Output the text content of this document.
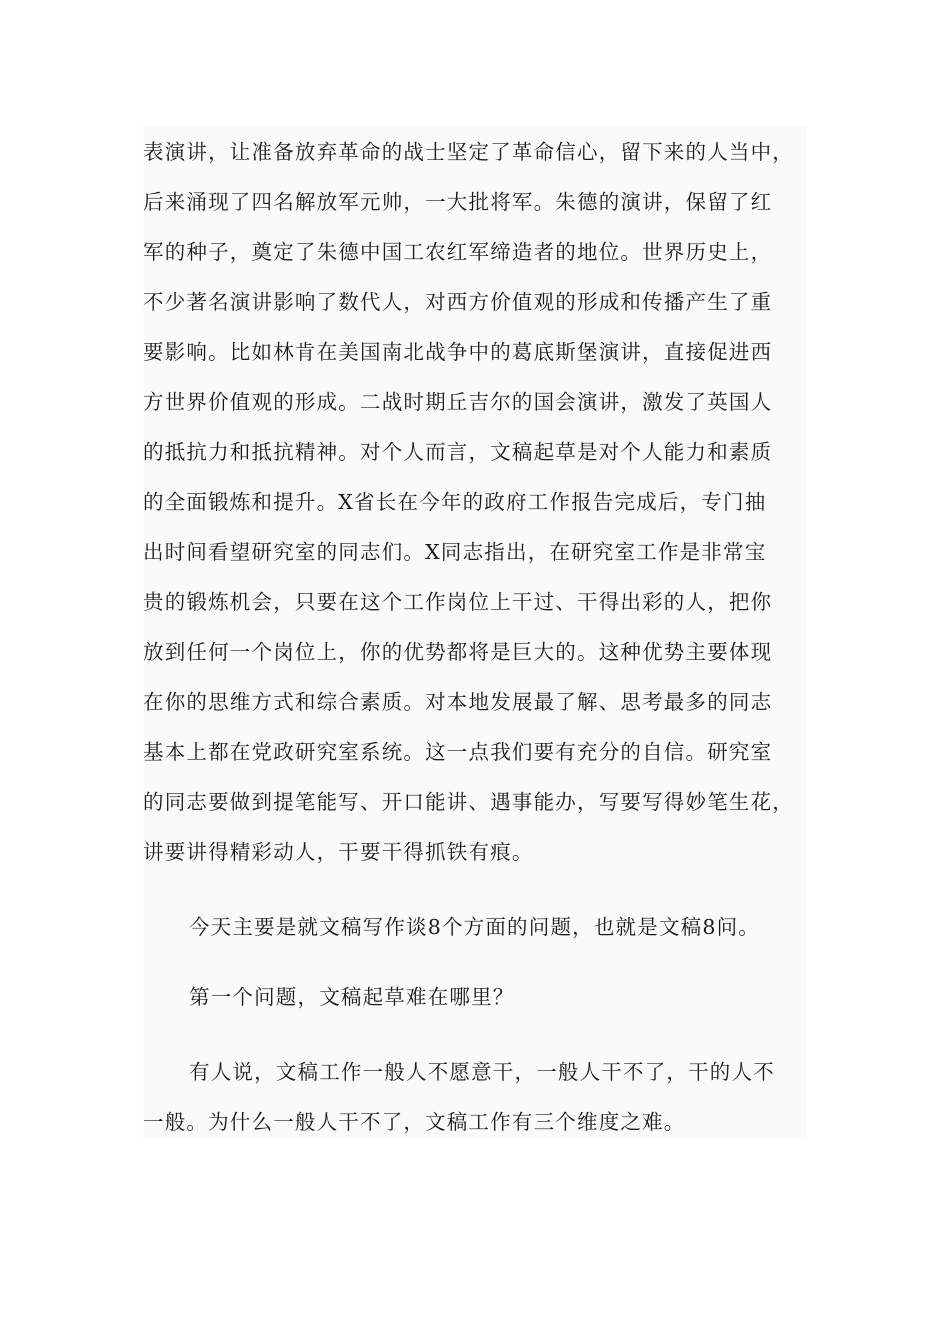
表演讲，让准备放弃革命的战士坚定了革命信心，留下来的人当中，
后来涌现了四名解放军元帅，一大批将军。朱德的演讲，保留了红
军的种子，奠定了朱德中国工农红军缔造者的地位。世界历史上，
不少著名演讲影响了数代人，对西方价值观的形成和传播产生了重
要影响。比如林肯在美国南北战争中的葛底斯堡演讲，直接促进西
方世界价值观的形成。二战时期丘吉尔的国会演讲，激发了英国人
的抵抗力和抵抗精神。对个人而言，文稿起草是对个人能力和素质
的全面锻炼和提升。X省长在今年的政府工作报告完成后，专门抽
出时间看望研究室的同志们。X同志指出，在研究室工作是非常宝
贵的锻炼机会，只要在这个工作岗位上干过、干得出彩的人，把你
放到任何一个岗位上，你的优势都将是巨大的。这种优势主要体现
在你的思维方式和综合素质。对本地发展最了解、思考最多的同志
基本上都在党政研究室系统。这一点我们要有充分的自信。研究室
的同志要做到提笔能写、开口能讲、遇事能办，写要写得妙笔生花，
讲要讲得精彩动人，干要干得抓铁有痕。
今天主要是就文稿写作谈8个方面的问题，也就是文稿8问。
第一个问题，文稿起草难在哪里？
有人说，文稿工作一般人不愿意干，一般人干不了，干的人不
一般。为什么一般人干不了，文稿工作有三个维度之难。
